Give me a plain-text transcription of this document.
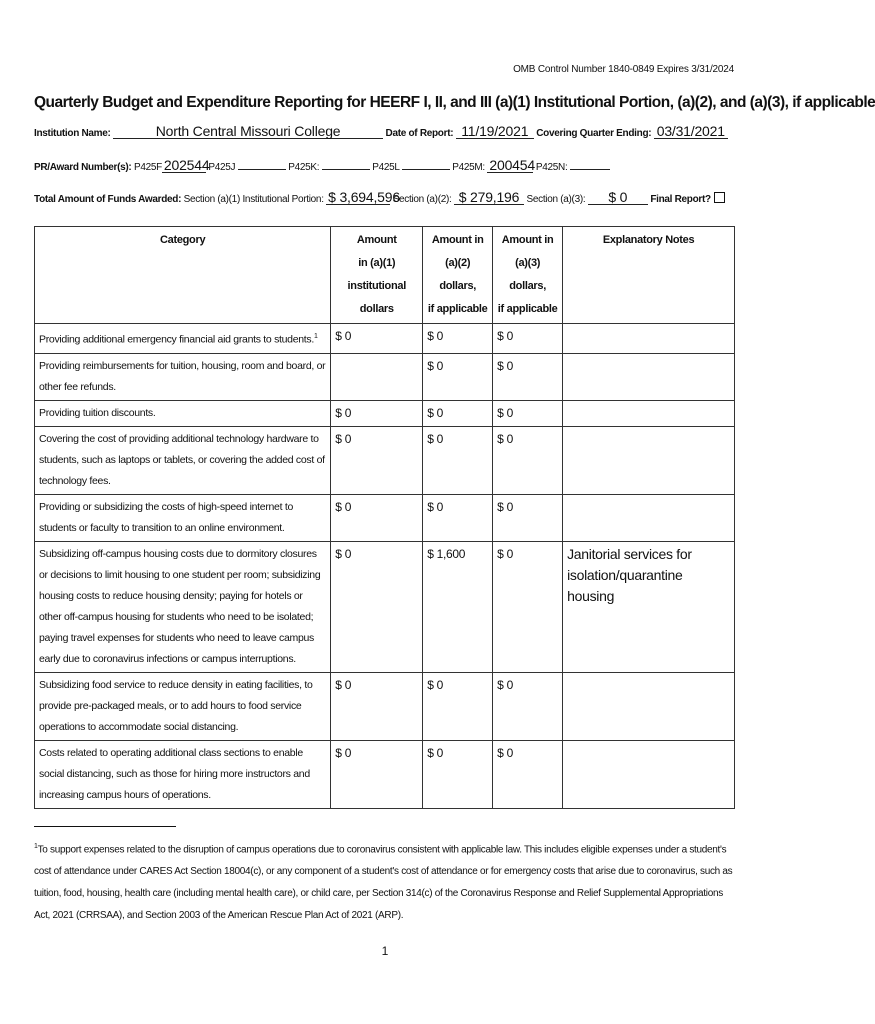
OMB Control Number 1840-0849 Expires 3/31/2024
Quarterly Budget and Expenditure Reporting for HEERF I, II, and III (a)(1) Institutional Portion, (a)(2), and (a)(3), if applicable
Institution Name:	North Central Missouri College	Date of Report: 11/19/2021 Covering Quarter Ending: 03/31/2021
PR/Award Number(s): P425F 202544 P425J	P425K:	P425L	P425M: 200454 P425N:
Total Amount of Funds Awarded: Section (a)(1) Institutional Portion: $ 3,694,596 Section (a)(2): $ 279,196 Section (a)(3): $ 0 Final Report?
Category	Amount
in (a)(1)
institutional dollars	Amount in
(a)(2) dollars,
if applicable	Amount in
(a)(3) dollars,
if applicable	Explanatory Notes
Providing additional emergency financial aid grants to students.$^1$	$ 0	$ 0	$ 0	
Providing reimbursements for tuition, housing, room and board, or other fee refunds.		$ 0	$ 0	
Providing tuition discounts.	$ 0	$ 0	$ 0	
Covering the cost of providing additional technology hardware to students, such as laptops or tablets, or covering the added cost of technology fees.	$ 0	$ 0	$ 0	
Providing or subsidizing the costs of high-speed internet to students or faculty to transition to an online environment.	$ 0	$ 0	$ 0	
Subsidizing off-campus housing costs due to dormitory closures or decisions to limit housing to one student per room; subsidizing housing costs to reduce housing density; paying for hotels or other off-campus housing for students who need to be isolated; paying travel expenses for students who need to leave campus early due to coronavirus infections or campus interruptions.	$ 0	$ 1,600	$ 0	Janitorial services for isolation/quarantine housing
Subsidizing food service to reduce density in eating facilities, to provide pre-packaged meals, or to add hours to food service operations to accommodate social distancing.	$ 0	$ 0	$ 0	
Costs related to operating additional class sections to enable social distancing, such as those for hiring more instructors and increasing campus hours of operations.	$ 0	$ 0	$ 0	
$^1$To support expenses related to the disruption of campus operations due to coronavirus consistent with applicable law. This includes eligible expenses under a student's cost of attendance under CARES Act Section 18004(c), or any component of a student's cost of attendance or for emergency costs that arise due to coronavirus, such as tuition, food, housing, health care (including mental health care), or child care, per Section 314(c) of the Coronavirus Response and Relief Supplemental Appropriations Act, 2021 (CRRSAA), and Section 2003 of the American Rescue Plan Act of 2021 (ARP).
1
